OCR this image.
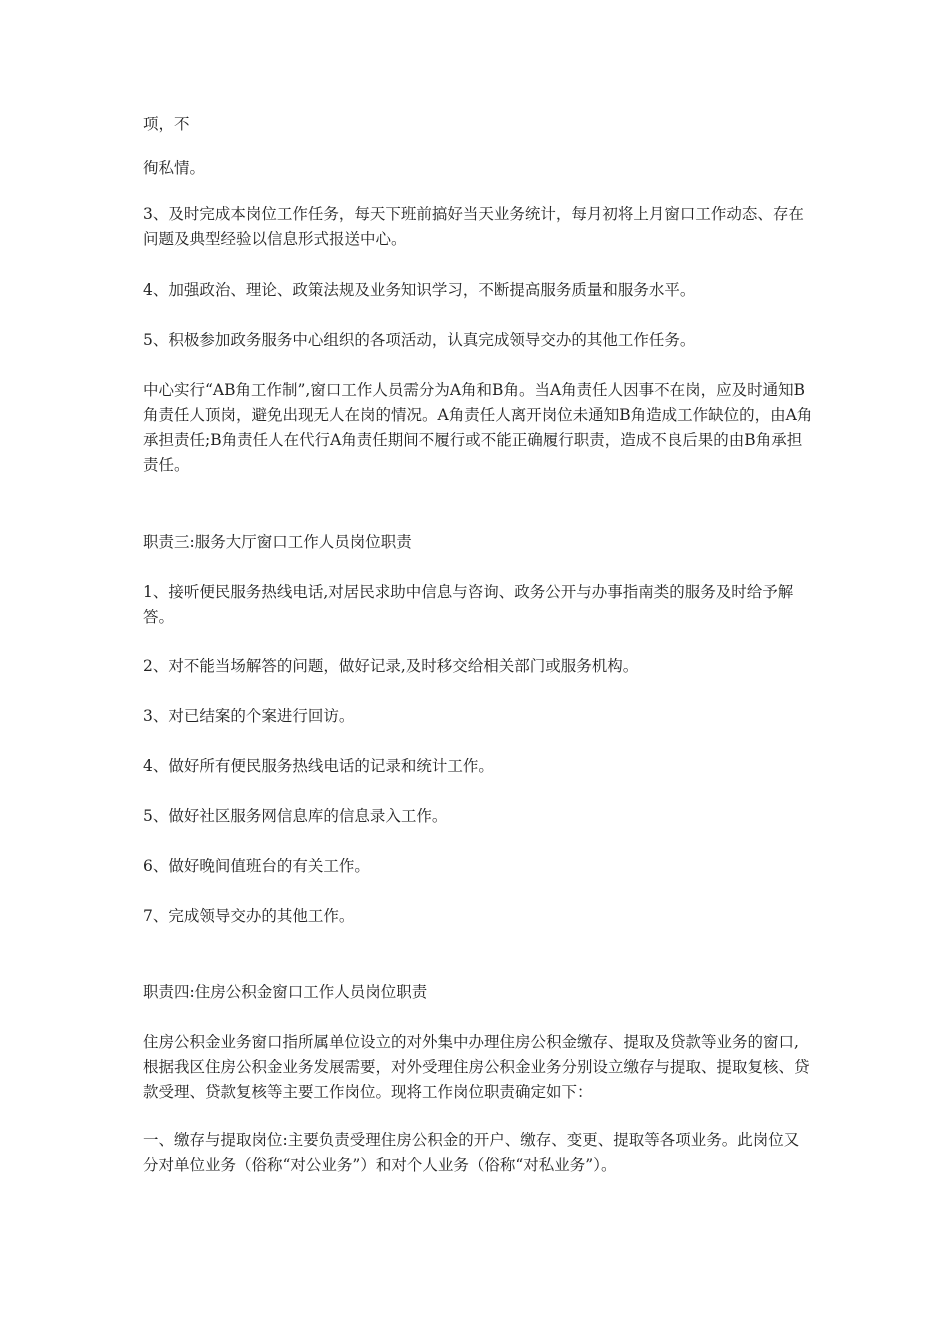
项，不

徇私情。

3、及时完成本岗位工作任务，每天下班前搞好当天业务统计，每月初将上月窗口工作动态、存在问题及典型经验以信息形式报送中心。

4、加强政治、理论、政策法规及业务知识学习，不断提高服务质量和服务水平。

5、积极参加政务服务中心组织的各项活动，认真完成领导交办的其他工作任务。

中心实行“AB角工作制”,窗口工作人员需分为A角和B角。当A角责任人因事不在岗，应及时通知B角责任人顶岗，避免出现无人在岗的情况。A角责任人离开岗位未通知B角造成工作缺位的，由A角承担责任;B角责任人在代行A角责任期间不履行或不能正确履行职责，造成不良后果的由B角承担责任。

职责三:服务大厅窗口工作人员岗位职责

1、接听便民服务热线电话,对居民求助中信息与咨询、政务公开与办事指南类的服务及时给予解答。

2、对不能当场解答的问题，做好记录,及时移交给相关部门或服务机构。

3、对已结案的个案进行回访。

4、做好所有便民服务热线电话的记录和统计工作。

5、做好社区服务网信息库的信息录入工作。

6、做好晚间值班台的有关工作。

7、完成领导交办的其他工作。

职责四:住房公积金窗口工作人员岗位职责

住房公积金业务窗口指所属单位设立的对外集中办理住房公积金缴存、提取及贷款等业务的窗口,根据我区住房公积金业务发展需要，对外受理住房公积金业务分别设立缴存与提取、提取复核、贷款受理、贷款复核等主要工作岗位。现将工作岗位职责确定如下：

一、缴存与提取岗位:主要负责受理住房公积金的开户、缴存、变更、提取等各项业务。此岗位又分对单位业务（俗称“对公业务”）和对个人业务（俗称“对私业务”）。
